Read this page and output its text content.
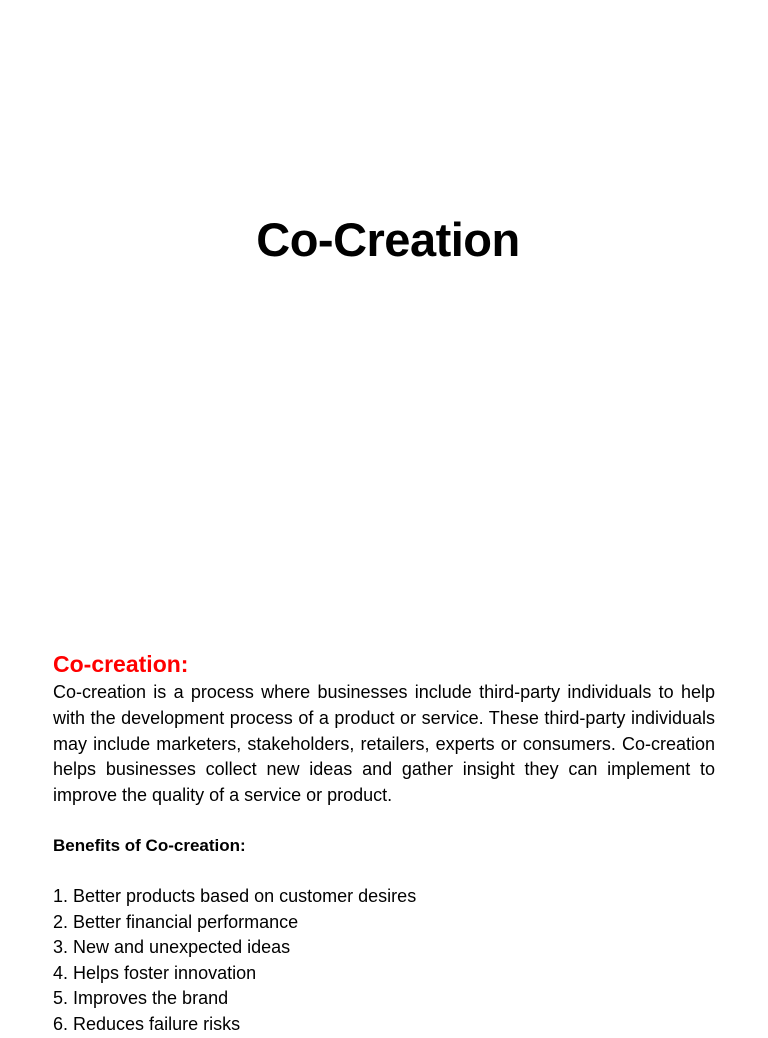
Co-Creation
Co-creation:

Co-creation is a process where businesses include third-party individuals to help with the development process of a product or service. These third-party individuals may include marketers, stakeholders, retailers, experts or consumers. Co-creation helps businesses collect new ideas and gather insight they can implement to improve the quality of a service or product.

Benefits of Co-creation:
1. Better products based on customer desires
2. Better financial performance
3. New and unexpected ideas
4. Helps foster innovation
5. Improves the brand
6. Reduces failure risks
